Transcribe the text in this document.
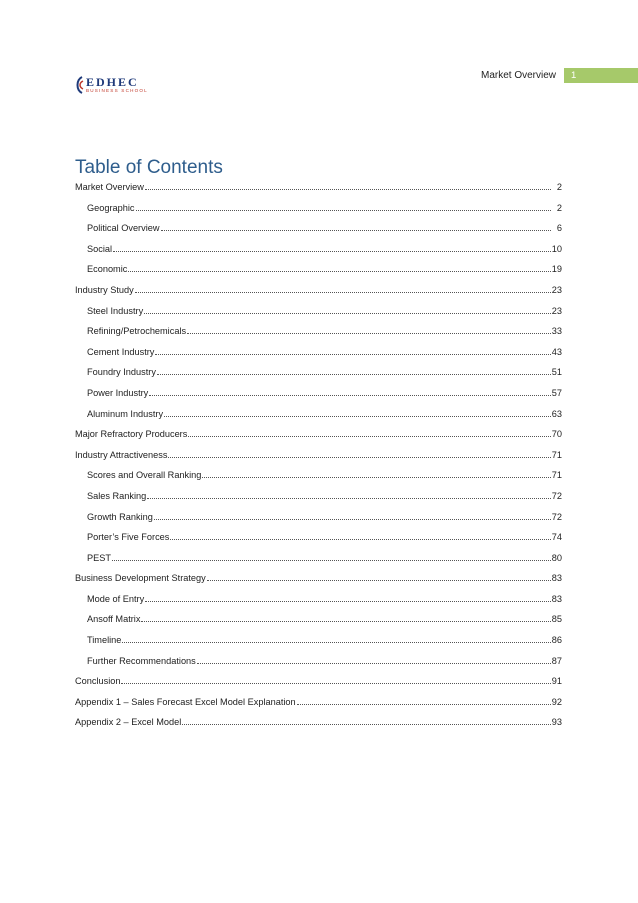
EDHEC
BUSINESS SCHOOL
Market Overview	1
Table of Contents
Market Overview	2
Geographic	2
Political Overview	6
Social	10
Economic	19
Industry Study	23
Steel Industry	23
Refining/Petrochemicals	33
Cement Industry	43
Foundry Industry	51
Power Industry	57
Aluminum Industry	63
Major Refractory Producers	70
Industry Attractiveness	71
Scores and Overall Ranking	71
Sales Ranking	72
Growth Ranking	72
Porter’s Five Forces	74
PEST	80
Business Development Strategy	83
Mode of Entry	83
Ansoff Matrix	85
Timeline	86
Further Recommendations	87
Conclusion	91
Appendix 1 – Sales Forecast Excel Model Explanation	92
Appendix 2 – Excel Model	93
